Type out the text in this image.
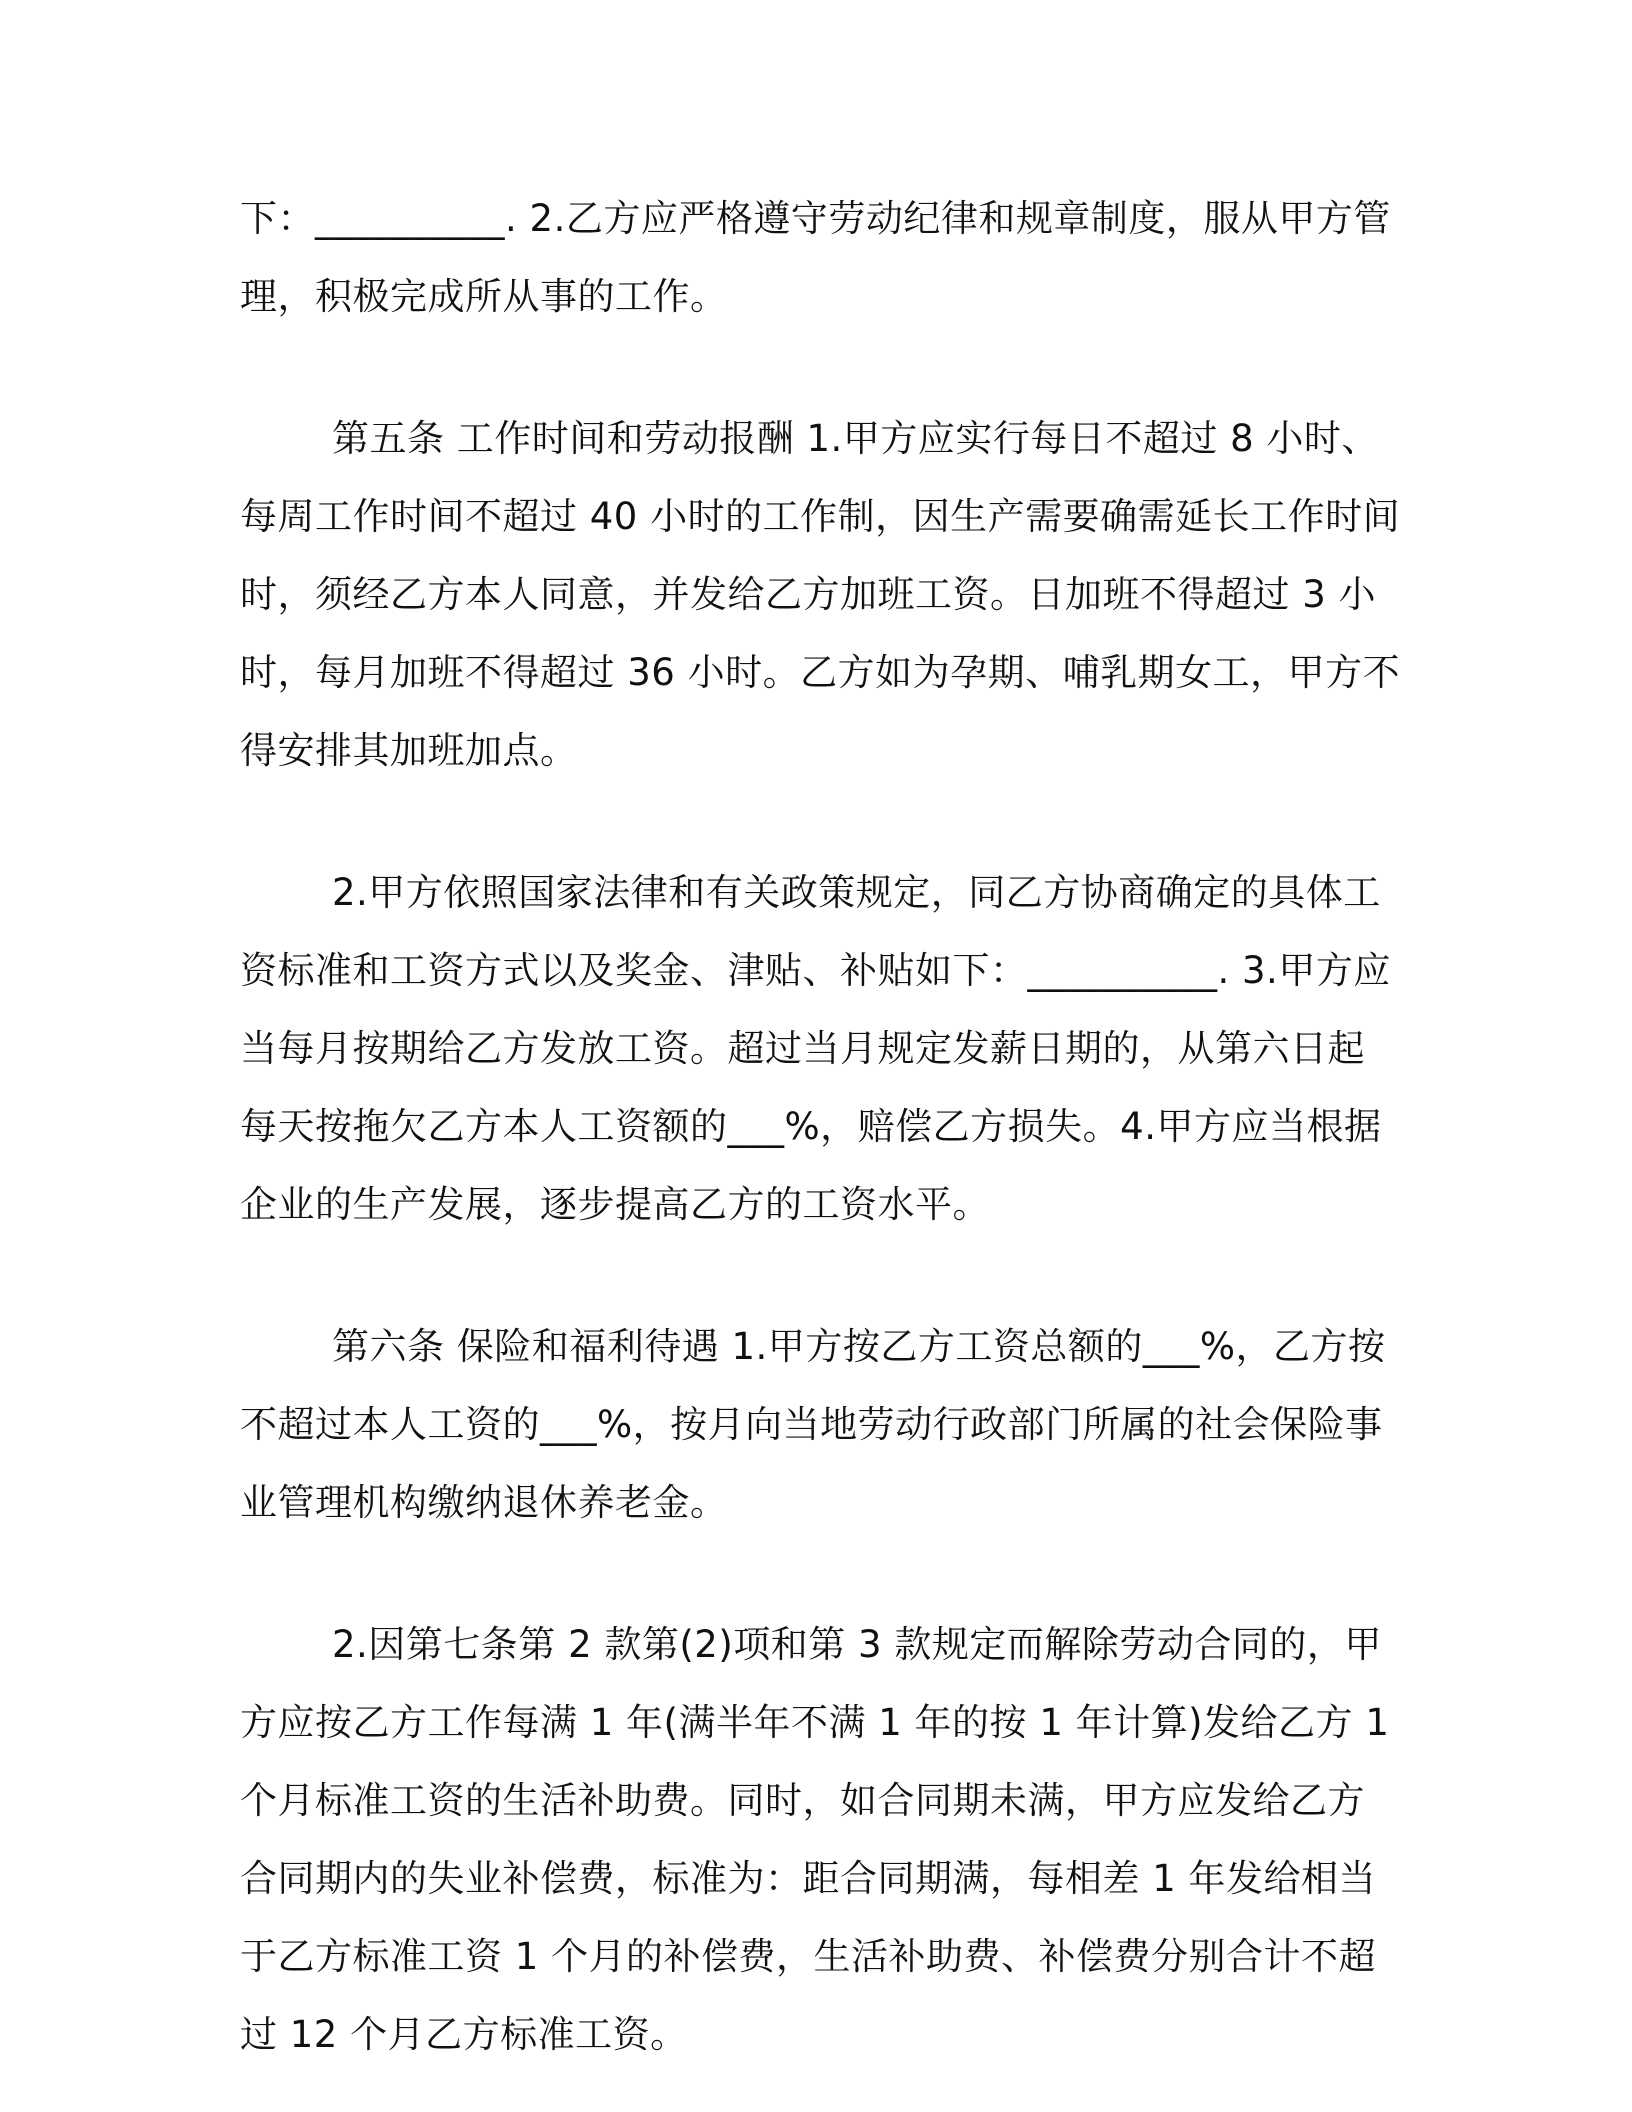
下：__________. 2.乙方应严格遵守劳动纪律和规章制度，服从甲方管
理，积极完成所从事的工作。
第五条 工作时间和劳动报酬 1.甲方应实行每日不超过 8 小时、
每周工作时间不超过 40 小时的工作制，因生产需要确需延长工作时间
时，须经乙方本人同意，并发给乙方加班工资。日加班不得超过 3 小
时，每月加班不得超过 36 小时。乙方如为孕期、哺乳期女工，甲方不
得安排其加班加点。
2.甲方依照国家法律和有关政策规定，同乙方协商确定的具体工
资标准和工资方式以及奖金、津贴、补贴如下：__________. 3.甲方应
当每月按期给乙方发放工资。超过当月规定发薪日期的，从第六日起
每天按拖欠乙方本人工资额的___%，赔偿乙方损失。4.甲方应当根据
企业的生产发展，逐步提高乙方的工资水平。
第六条 保险和福利待遇 1.甲方按乙方工资总额的___%，乙方按
不超过本人工资的___%，按月向当地劳动行政部门所属的社会保险事
业管理机构缴纳退休养老金。
2.因第七条第 2 款第(2)项和第 3 款规定而解除劳动合同的，甲
方应按乙方工作每满 1 年(满半年不满 1 年的按 1 年计算)发给乙方 1
个月标准工资的生活补助费。同时，如合同期未满，甲方应发给乙方
合同期内的失业补偿费，标准为：距合同期满，每相差 1 年发给相当
于乙方标准工资 1 个月的补偿费，生活补助费、补偿费分别合计不超
过 12 个月乙方标准工资。
